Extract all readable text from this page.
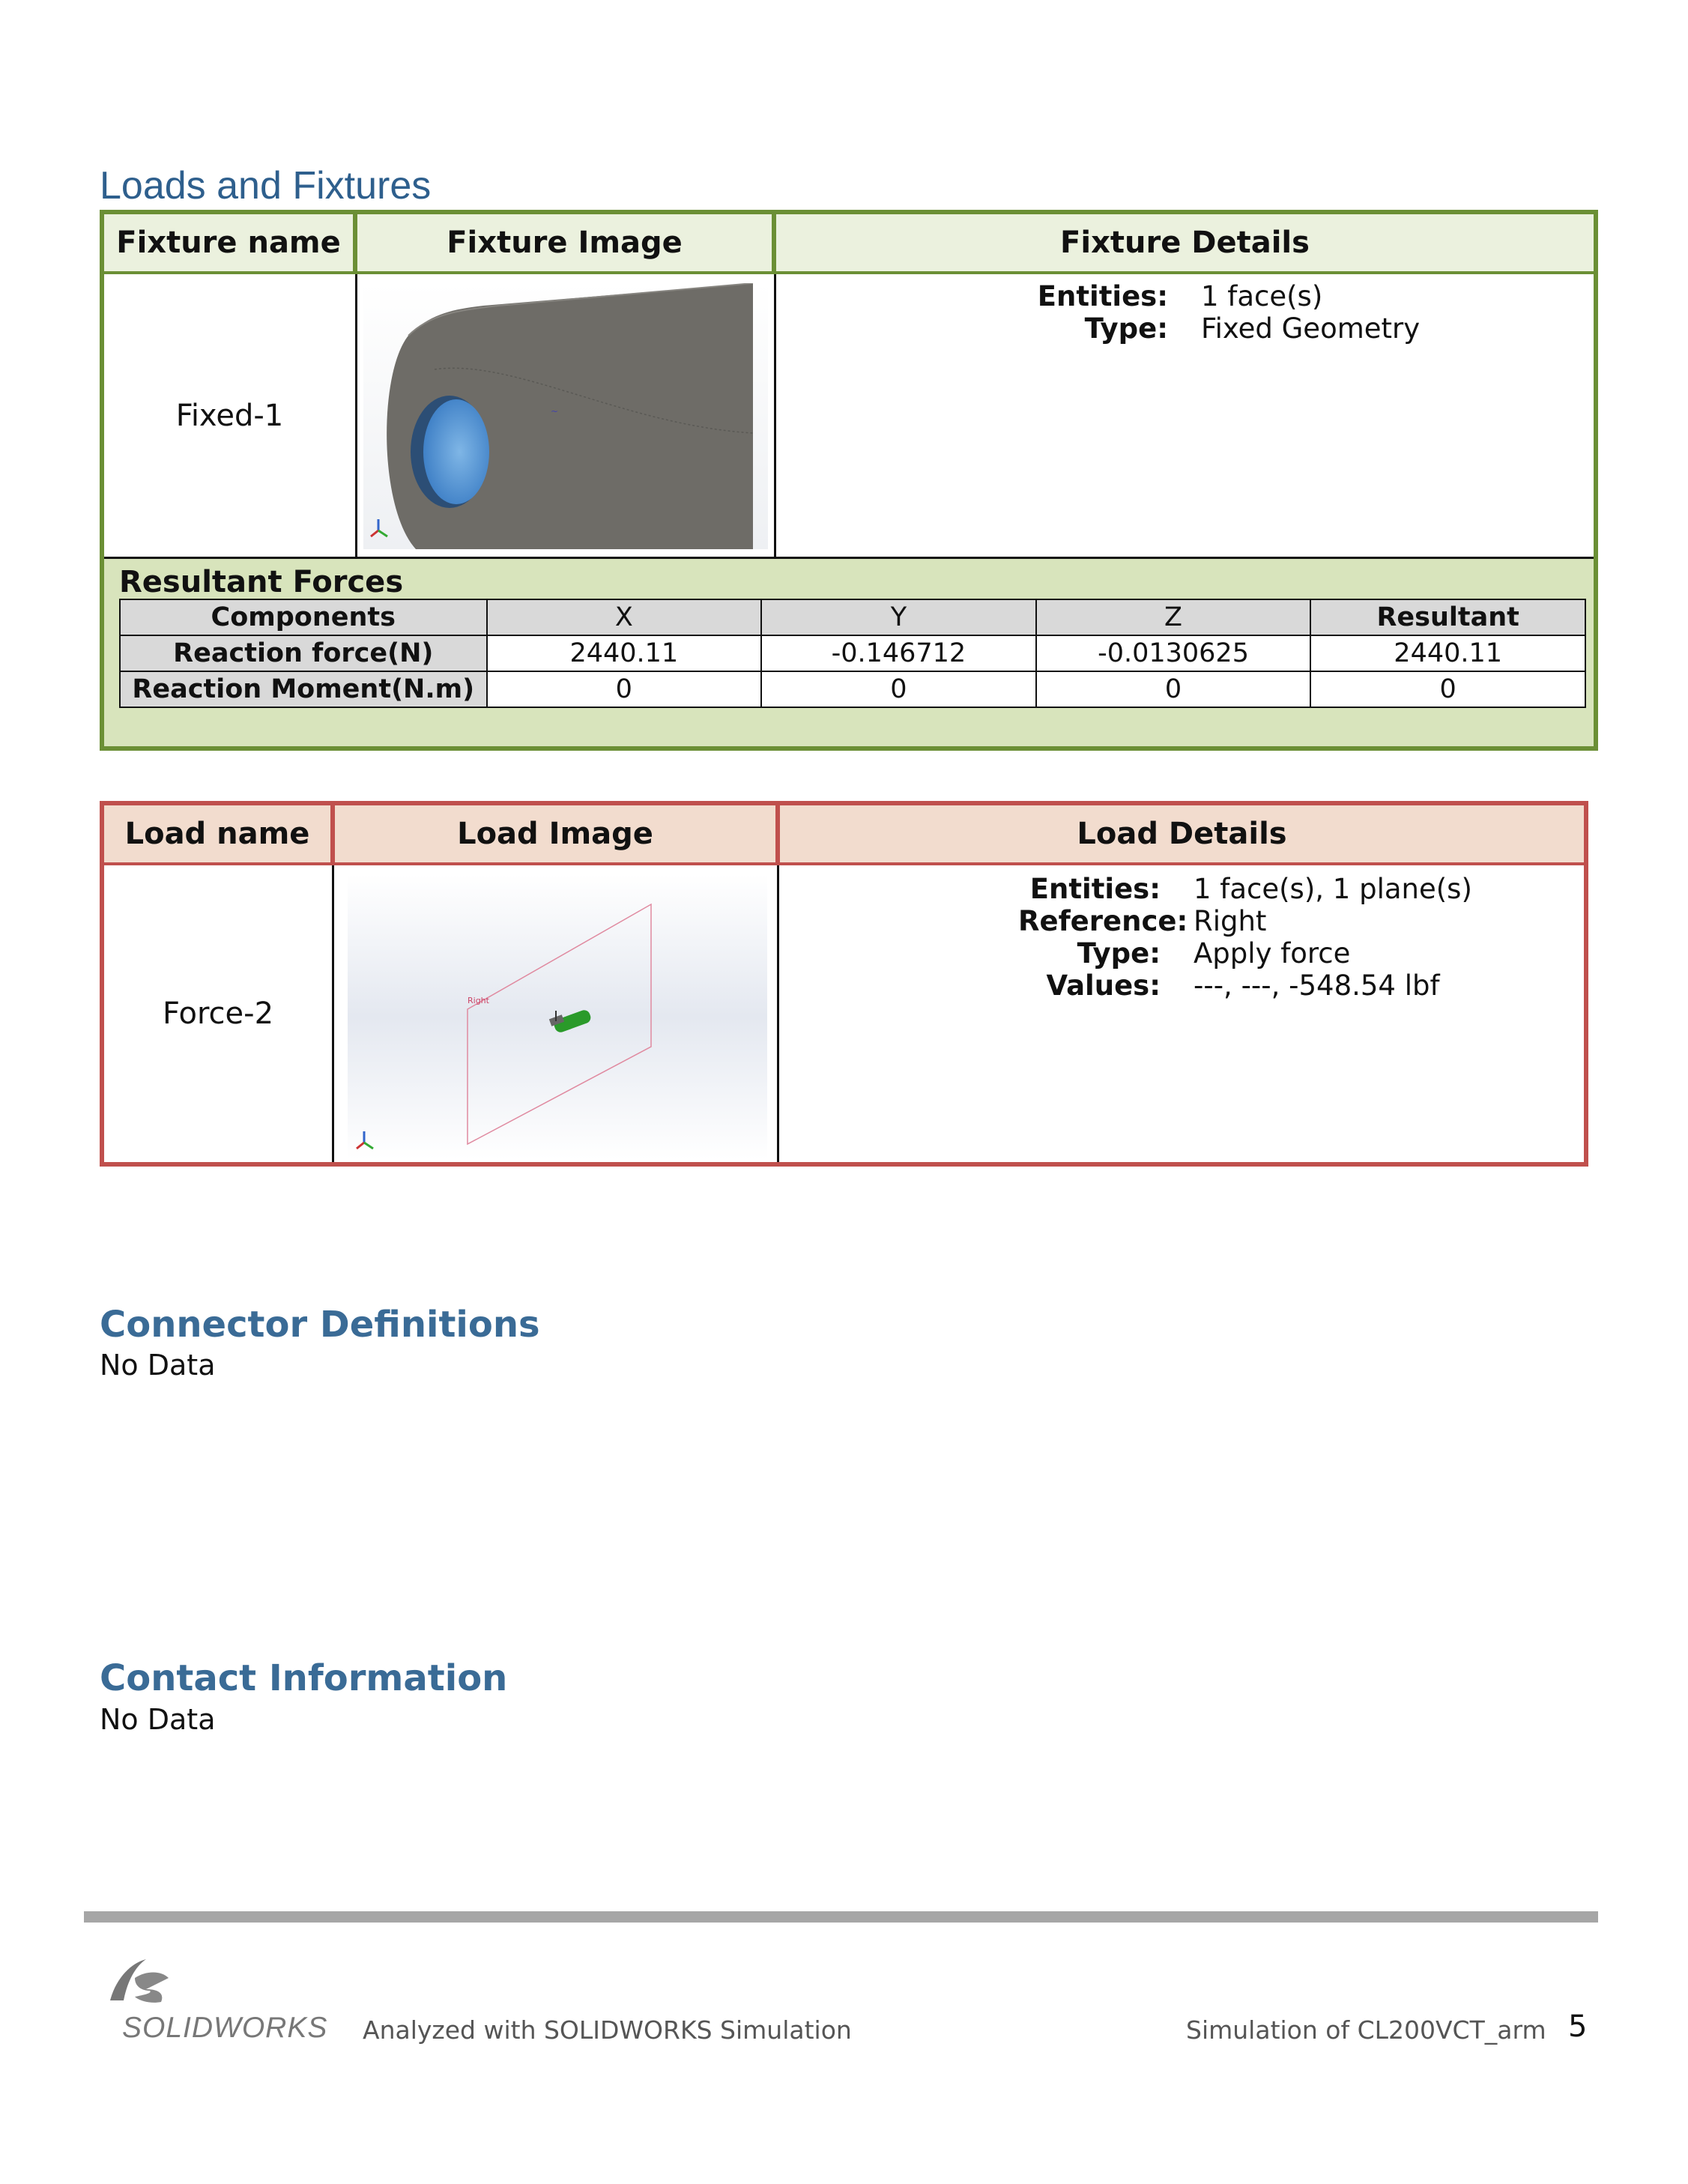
Loads and Fixtures
Fixture name	Fixture Image	Fixture Details
Fixed-1	~
Entities:	1 face(s)
Type:	Fixed Geometry
Resultant Forces
Components	X	Y	Z	Resultant
Reaction force(N)	2440.11	-0.146712	-0.0130625	2440.11
Reaction Moment(N.m)	0	0	0	0
Load name	Load Image	Load Details
Force-2	Right
Entities:	1 face(s), 1 plane(s)
Reference: Right
Type:	Apply force
Values:	---, ---, -548.54 lbf
Connector Definitions
No Data
Contact Information
No Data
SOLIDWORKS Analyzed with SOLIDWORKS Simulation	Simulation of CL200VCT_arm 5
